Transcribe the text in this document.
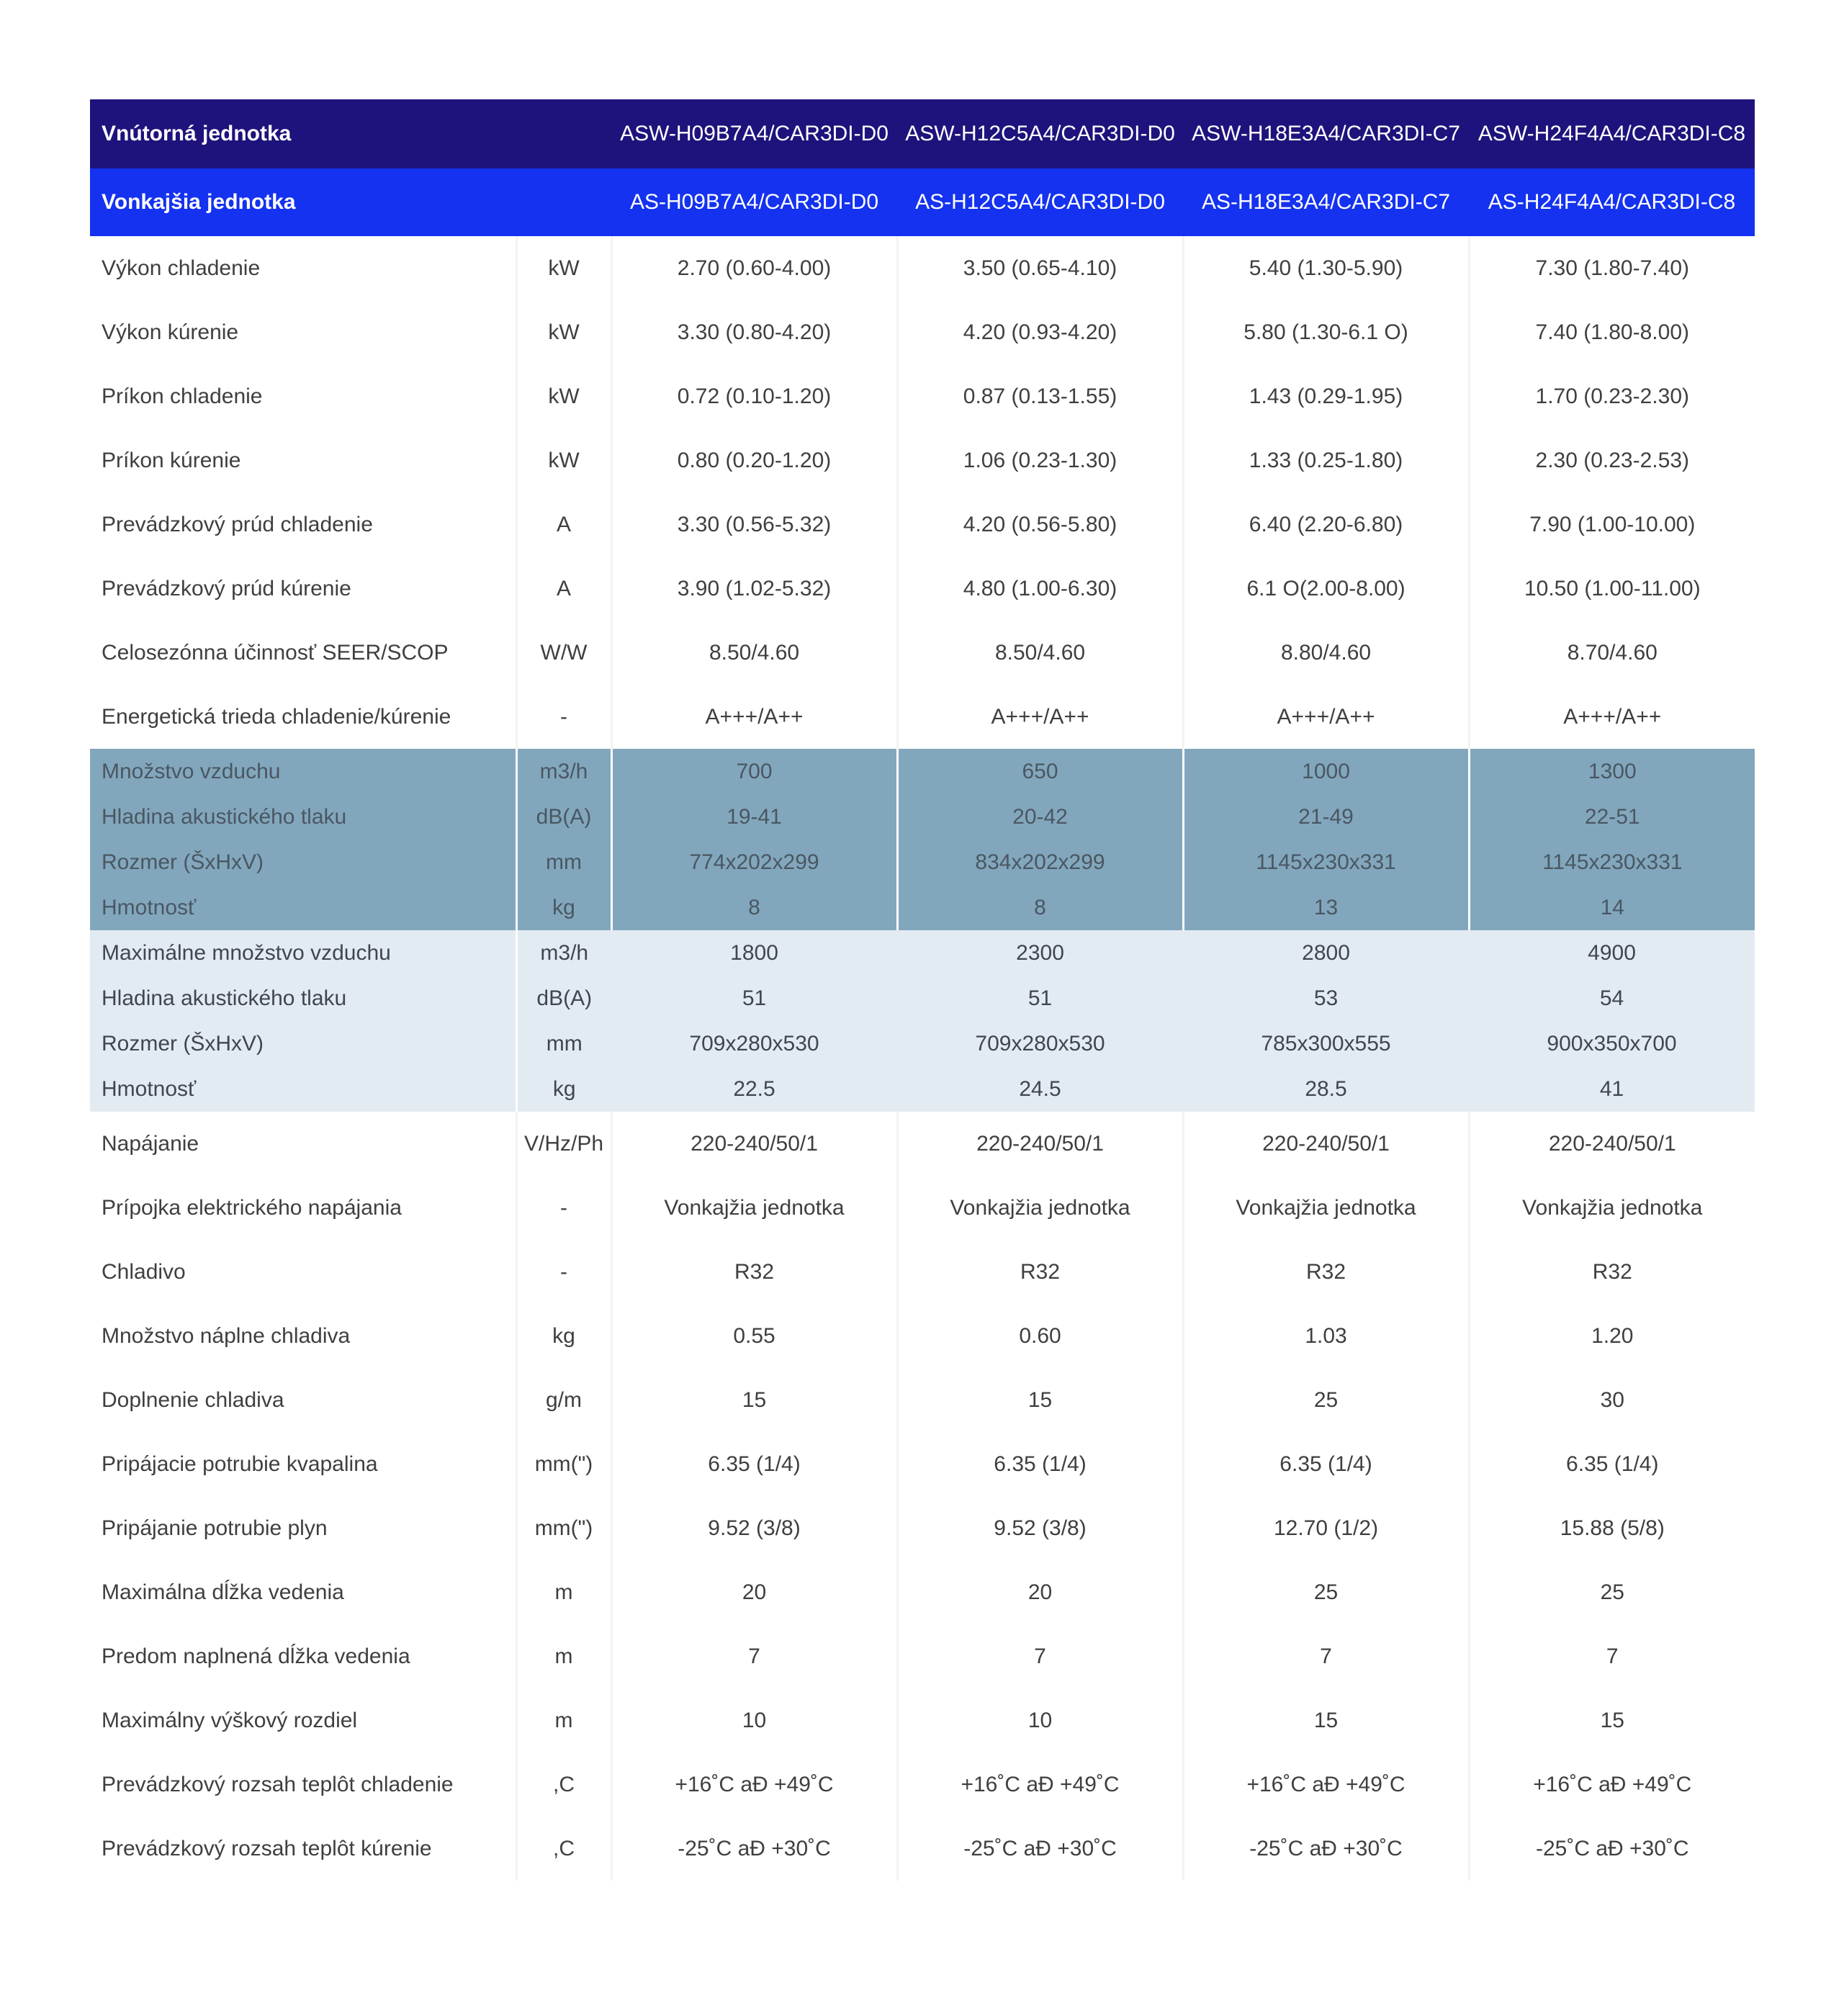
Vnútorná jednotka		ASW-H09B7A4/CAR3DI-D0	ASW-H12C5A4/CAR3DI-D0	ASW-H18E3A4/CAR3DI-C7	ASW-H24F4A4/CAR3DI-C8
Vonkajšia jednotka		AS-H09B7A4/CAR3DI-D0	AS-H12C5A4/CAR3DI-D0	AS-H18E3A4/CAR3DI-C7	AS-H24F4A4/CAR3DI-C8
Výkon chladenie	kW	2.70 (0.60-4.00)	3.50 (0.65-4.10)	5.40 (1.30-5.90)	7.30 (1.80-7.40)
Výkon kúrenie	kW	3.30 (0.80-4.20)	4.20 (0.93-4.20)	5.80 (1.30-6.1 O)	7.40 (1.80-8.00)
Príkon chladenie	kW	0.72 (0.10-1.20)	0.87 (0.13-1.55)	1.43 (0.29-1.95)	1.70 (0.23-2.30)
Príkon kúrenie	kW	0.80 (0.20-1.20)	1.06 (0.23-1.30)	1.33 (0.25-1.80)	2.30 (0.23-2.53)
Prevádzkový prúd chladenie	A	3.30 (0.56-5.32)	4.20 (0.56-5.80)	6.40 (2.20-6.80)	7.90 (1.00-10.00)
Prevádzkový prúd kúrenie	A	3.90 (1.02-5.32)	4.80 (1.00-6.30)	6.1 O(2.00-8.00)	10.50 (1.00-11.00)
Celosezónna účinnosť SEER/SCOP	W/W	8.50/4.60	8.50/4.60	8.80/4.60	8.70/4.60
Energetická trieda chladenie/kúrenie	-	A+++/A++	A+++/A++	A+++/A++	A+++/A++
Množstvo vzduchu	m3/h	700	650	1000	1300
Hladina akustického tlaku	dB(A)	19-41	20-42	21-49	22-51
Rozmer (ŠxHxV)	mm	774x202x299	834x202x299	1145x230x331	1145x230x331
Hmotnosť	kg	8	8	13	14
Maximálne množstvo vzduchu	m3/h	1800	2300	2800	4900
Hladina akustického tlaku	dB(A)	51	51	53	54
Rozmer (ŠxHxV)	mm	709x280x530	709x280x530	785x300x555	900x350x700
Hmotnosť	kg	22.5	24.5	28.5	41
Napájanie	V/Hz/Ph	220-240/50/1	220-240/50/1	220-240/50/1	220-240/50/1
Prípojka elektrického napájania	-	Vonkajžia jednotka	Vonkajžia jednotka	Vonkajžia jednotka	Vonkajžia jednotka
Chladivo	-	R32	R32	R32	R32
Množstvo náplne chladiva	kg	0.55	0.60	1.03	1.20
Doplnenie chladiva	g/m	15	15	25	30
Pripájacie potrubie kvapalina	mm(")	6.35 (1/4)	6.35 (1/4)	6.35 (1/4)	6.35 (1/4)
Pripájanie potrubie plyn	mm(")	9.52 (3/8)	9.52 (3/8)	12.70 (1/2)	15.88 (5/8)
Maximálna dĺžka vedenia	m	20	20	25	25
Predom naplnená dĺžka vedenia	m	7	7	7	7
Maximálny výškový rozdiel	m	10	10	15	15
Prevádzkový rozsah teplôt chladenie	,C	+16˚C aĐ +49˚C	+16˚C aĐ +49˚C	+16˚C aĐ +49˚C	+16˚C aĐ +49˚C
Prevádzkový rozsah teplôt kúrenie	,C	-25˚C aĐ +30˚C	-25˚C aĐ +30˚C	-25˚C aĐ +30˚C	-25˚C aĐ +30˚C
